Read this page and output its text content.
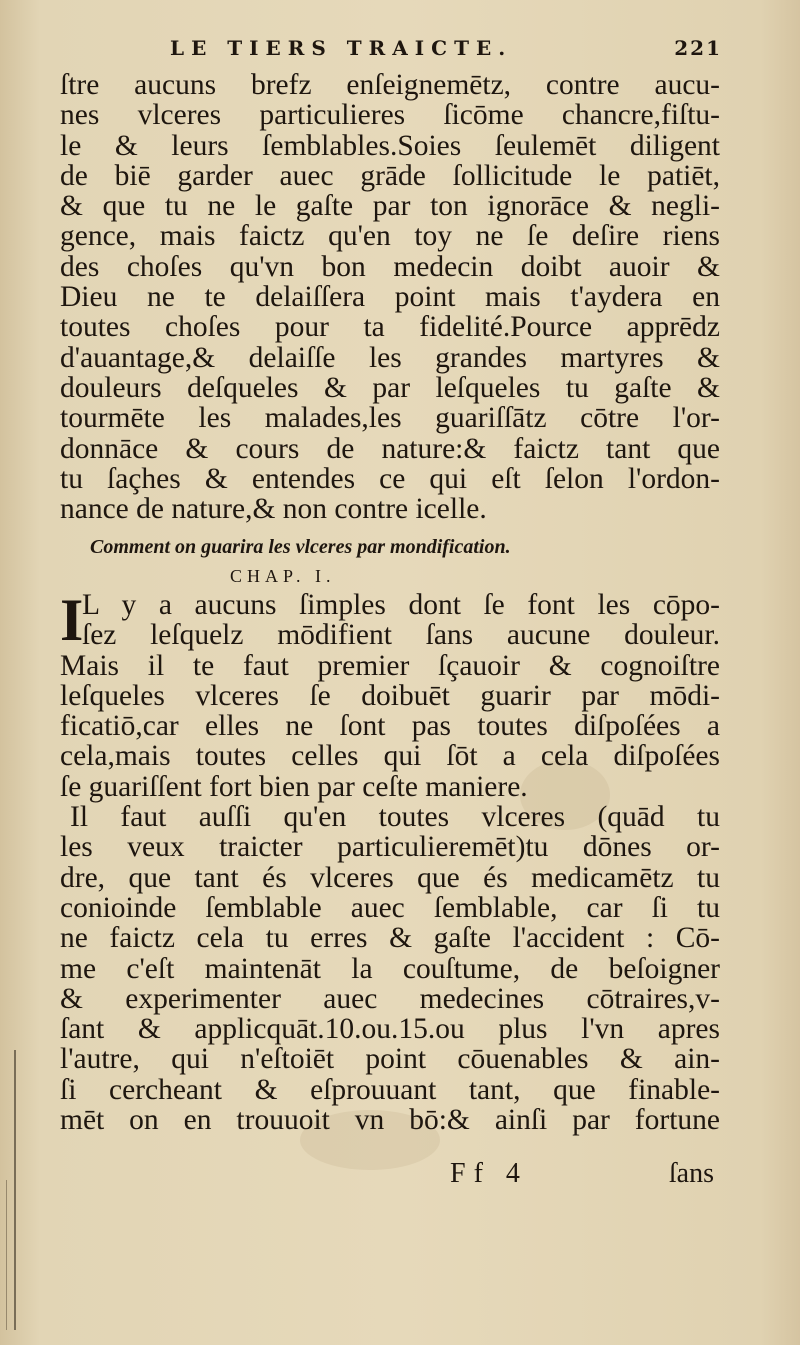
LE TIERS TRAICTE.	221
ſtre aucuns brefz enſeignemētz, contre aucu-
nes vlceres particulieres ſicōme chancre,fiſtu-
le & leurs ſemblables.Soies ſeulemēt diligent
de biē garder auec grāde ſollicitude le patiēt,
& que tu ne le gaſte par ton ignorāce & negli-
gence, mais faictz qu'en toy ne ſe deſire riens
des choſes qu'vn bon medecin doibt auoir &
Dieu ne te delaiſſera point mais t'aydera en
toutes choſes pour ta fidelité.Pource apprēdz
d'auantage,& delaiſſe les grandes martyres &
douleurs deſqueles & par leſqueles tu gaſte &
tourmēte les malades,les guariſſātz cōtre l'or-
donnāce & cours de nature:& faictz tant que
tu ſaçhes & entendes ce qui eſt ſelon l'ordon-
nance de nature,& non contre icelle.
Comment on guarira les vlceres par mondification.
CHAP. I.
I
L y a aucuns ſimples dont ſe font les cōpo-
ſez leſquelz mōdifient ſans aucune douleur.
Mais il te faut premier ſçauoir & cognoiſtre
leſqueles vlceres ſe doibuēt guarir par mōdi-
ficatiō,car elles ne ſont pas toutes diſpoſées a
cela,mais toutes celles qui ſōt a cela diſpoſées
ſe guariſſent fort bien par ceſte maniere.
Il faut auſſi qu'en toutes vlceres (quād tu
les veux traicter particulieremēt)tu dōnes or-
dre, que tant és vlceres que és medicamētz tu
conioinde ſemblable auec ſemblable, car ſi tu
ne faictz cela tu erres & gaſte l'accident : Cō-
me c'eſt maintenāt la couſtume, de beſoigner
& experimenter auec medecines cōtraires,v-
ſant & applicquāt.10.ou.15.ou plus l'vn apres
l'autre, qui n'eſtoiēt point cōuenables & ain-
ſi cercheant & eſprouuant tant, que finable-
mēt on en trouuoit vn bō:& ainſi par fortune
Ff 4	ſans
